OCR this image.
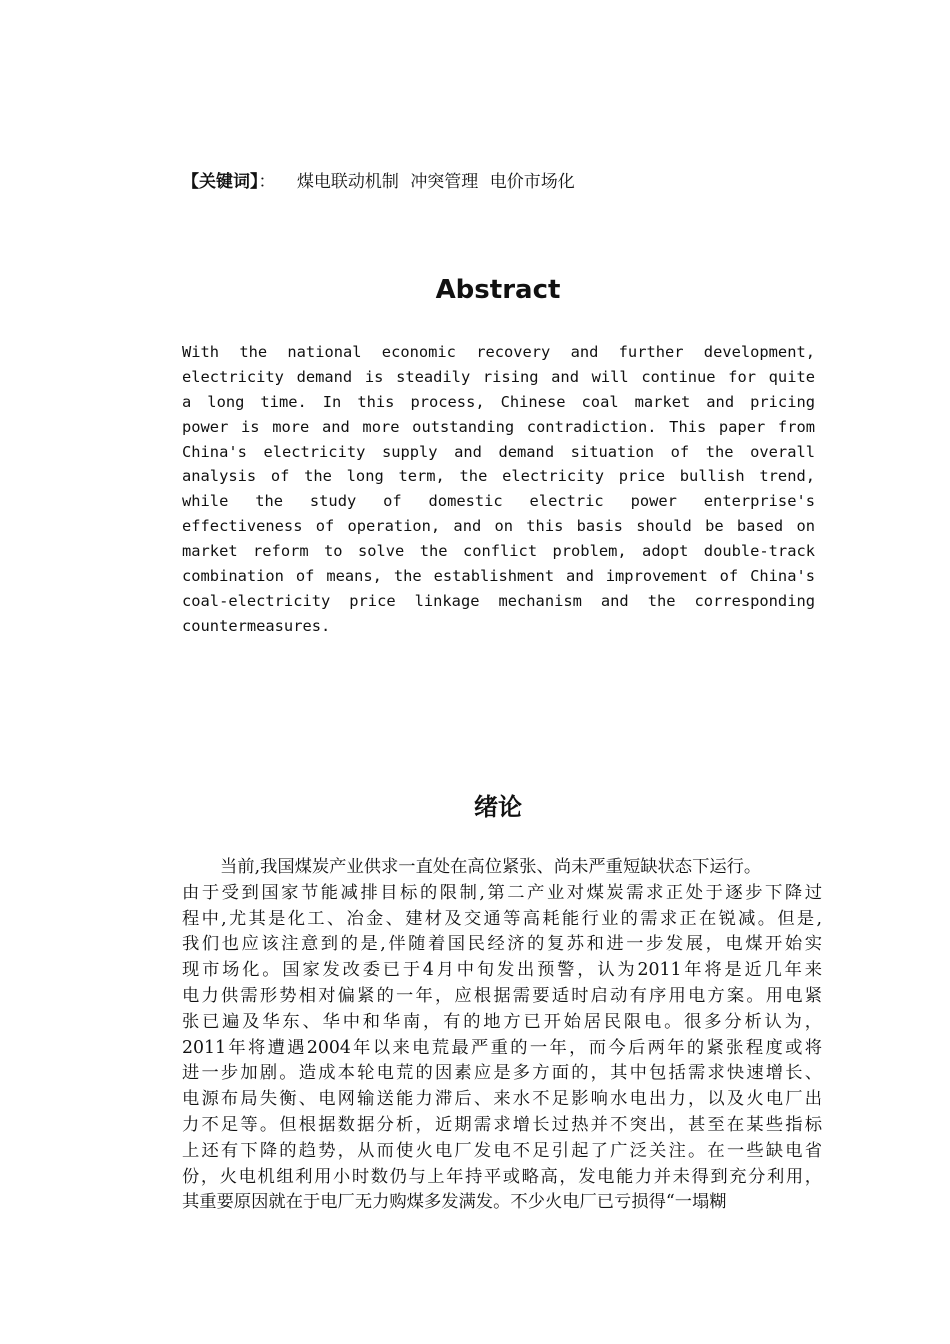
【关键词】： 煤电联动机制 冲突管理 电价市场化
Abstract
With the national economic recovery and further development,
electricity demand is steadily rising and will continue for quite
a long time. In this process, Chinese coal market and pricing
power is more and more outstanding contradiction. This paper from
China's electricity supply and demand situation of the overall
analysis of the long term, the electricity price bullish trend,
while the study of domestic electric power enterprise's
effectiveness of operation, and on this basis should be based on
market reform to solve the conflict problem, adopt double-track
combination of means, the establishment and improvement of China's
coal-electricity price linkage mechanism and the corresponding
countermeasures.
绪论
当前,我国煤炭产业供求一直处在高位紧张、尚未严重短缺状态下运行。
由于受到国家节能减排目标的限制,第二产业对煤炭需求正处于逐步下降过
程中,尤其是化工、冶金、建材及交通等高耗能行业的需求正在锐减。但是,
我们也应该注意到的是,伴随着国民经济的复苏和进一步发展，电煤开始实
现市场化。国家发改委已于4月中旬发出预警，认为2011年将是近几年来
电力供需形势相对偏紧的一年，应根据需要适时启动有序用电方案。用电紧
张已遍及华东、华中和华南，有的地方已开始居民限电。很多分析认为，
2011年将遭遇2004年以来电荒最严重的一年，而今后两年的紧张程度或将
进一步加剧。造成本轮电荒的因素应是多方面的，其中包括需求快速增长、
电源布局失衡、电网输送能力滞后、来水不足影响水电出力，以及火电厂出
力不足等。但根据数据分析，近期需求增长过热并不突出，甚至在某些指标
上还有下降的趋势，从而使火电厂发电不足引起了广泛关注。在一些缺电省
份，火电机组利用小时数仍与上年持平或略高，发电能力并未得到充分利用，
其重要原因就在于电厂无力购煤多发满发。不少火电厂已亏损得“一塌糊
